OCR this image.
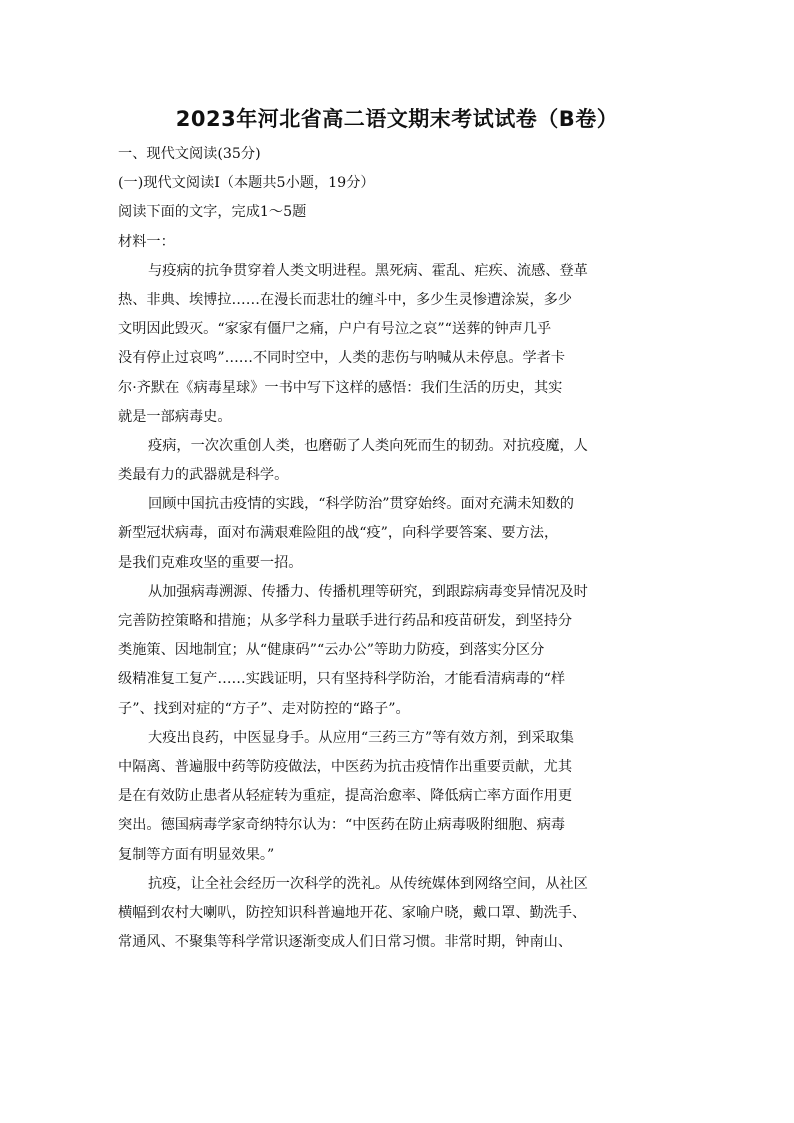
2023年河北省高二语文期末考试试卷（B卷）
一、现代文阅读(35分)
(一)现代文阅读Ⅰ（本题共5小题，19分）
阅读下面的文字，完成1～5题
材料一：
与疫病的抗争贯穿着人类文明进程。黑死病、霍乱、疟疾、流感、登革
热、非典、埃博拉……在漫长而悲壮的缠斗中，多少生灵惨遭涂炭，多少
文明因此毁灭。“家家有僵尸之痛，户户有号泣之哀”“送葬的钟声几乎
没有停止过哀鸣”……不同时空中，人类的悲伤与呐喊从未停息。学者卡
尔·齐默在《病毒星球》一书中写下这样的感悟：我们生活的历史，其实
就是一部病毒史。
疫病，一次次重创人类，也磨砺了人类向死而生的韧劲。对抗疫魔，人
类最有力的武器就是科学。
回顾中国抗击疫情的实践，“科学防治”贯穿始终。面对充满未知数的
新型冠状病毒，面对布满艰难险阻的战“疫”，向科学要答案、要方法，
是我们克难攻坚的重要一招。
从加强病毒溯源、传播力、传播机理等研究，到跟踪病毒变异情况及时
完善防控策略和措施；从多学科力量联手进行药品和疫苗研发，到坚持分
类施策、因地制宜；从“健康码”“云办公”等助力防疫，到落实分区分
级精准复工复产……实践证明，只有坚持科学防治，才能看清病毒的“样
子”、找到对症的“方子”、走对防控的“路子”。
大疫出良药，中医显身手。从应用“三药三方”等有效方剂，到采取集
中隔离、普遍服中药等防疫做法，中医药为抗击疫情作出重要贡献，尤其
是在有效防止患者从轻症转为重症，提高治愈率、降低病亡率方面作用更
突出。德国病毒学家奇纳特尔认为：“中医药在防止病毒吸附细胞、病毒
复制等方面有明显效果。”
抗疫，让全社会经历一次科学的洗礼。从传统媒体到网络空间，从社区
横幅到农村大喇叭，防控知识科普遍地开花、家喻户晓，戴口罩、勤洗手、
常通风、不聚集等科学常识逐渐变成人们日常习惯。非常时期，钟南山、
